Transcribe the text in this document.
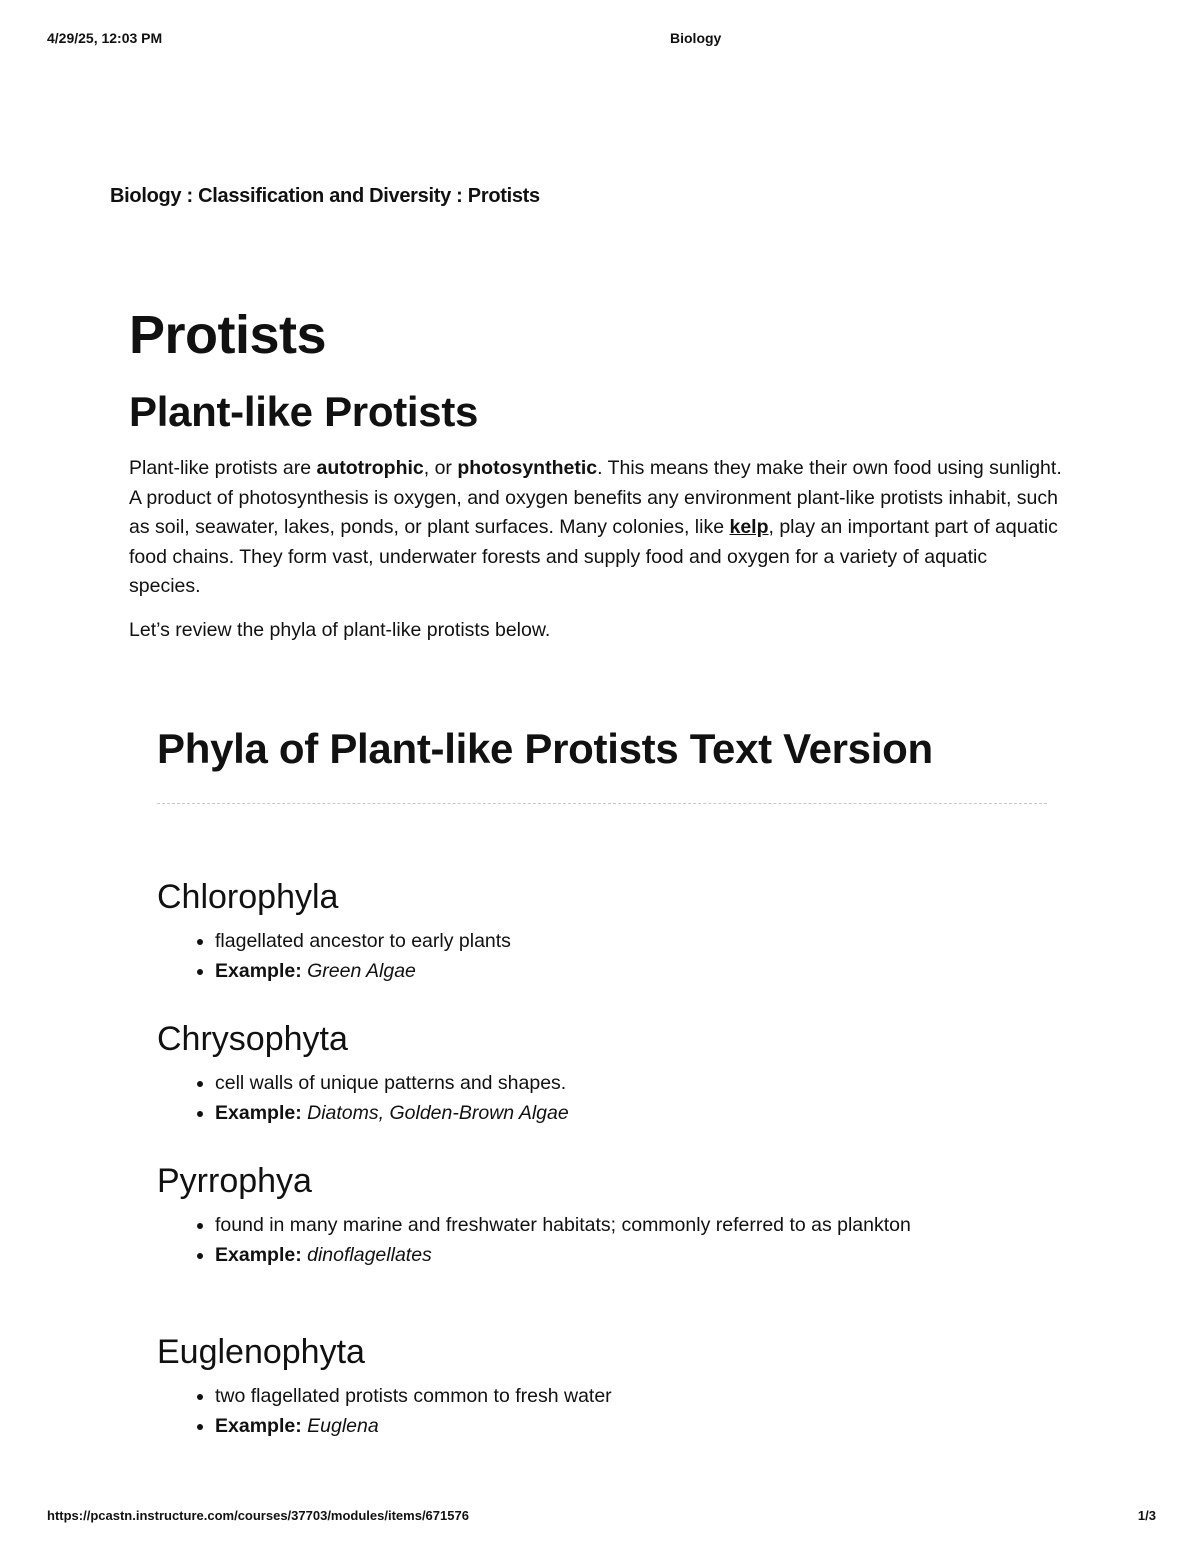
4/29/25, 12:03 PM	Biology
Biology : Classification and Diversity : Protists
Protists
Plant-like Protists

Plant-like protists are autotrophic, or photosynthetic. This means they make their own food using sunlight. A product of photosynthesis is oxygen, and oxygen benefits any environment plant-like protists inhabit, such as soil, seawater, lakes, ponds, or plant surfaces. Many colonies, like kelp, play an important part of aquatic food chains. They form vast, underwater forests and supply food and oxygen for a variety of aquatic species.

Let’s review the phyla of plant-like protists below.

Phyla of Plant-like Protists Text Version
Chlorophyla
• flagellated ancestor to early plants
• Example: Green Algae
Chrysophyta
• cell walls of unique patterns and shapes.
• Example: Diatoms, Golden-Brown Algae
Pyrrophya
• found in many marine and freshwater habitats; commonly referred to as plankton
• Example: dinoflagellates
Euglenophyta
• two flagellated protists common to fresh water
• Example: Euglena
https://pcastn.instructure.com/courses/37703/modules/items/671576	1/3
